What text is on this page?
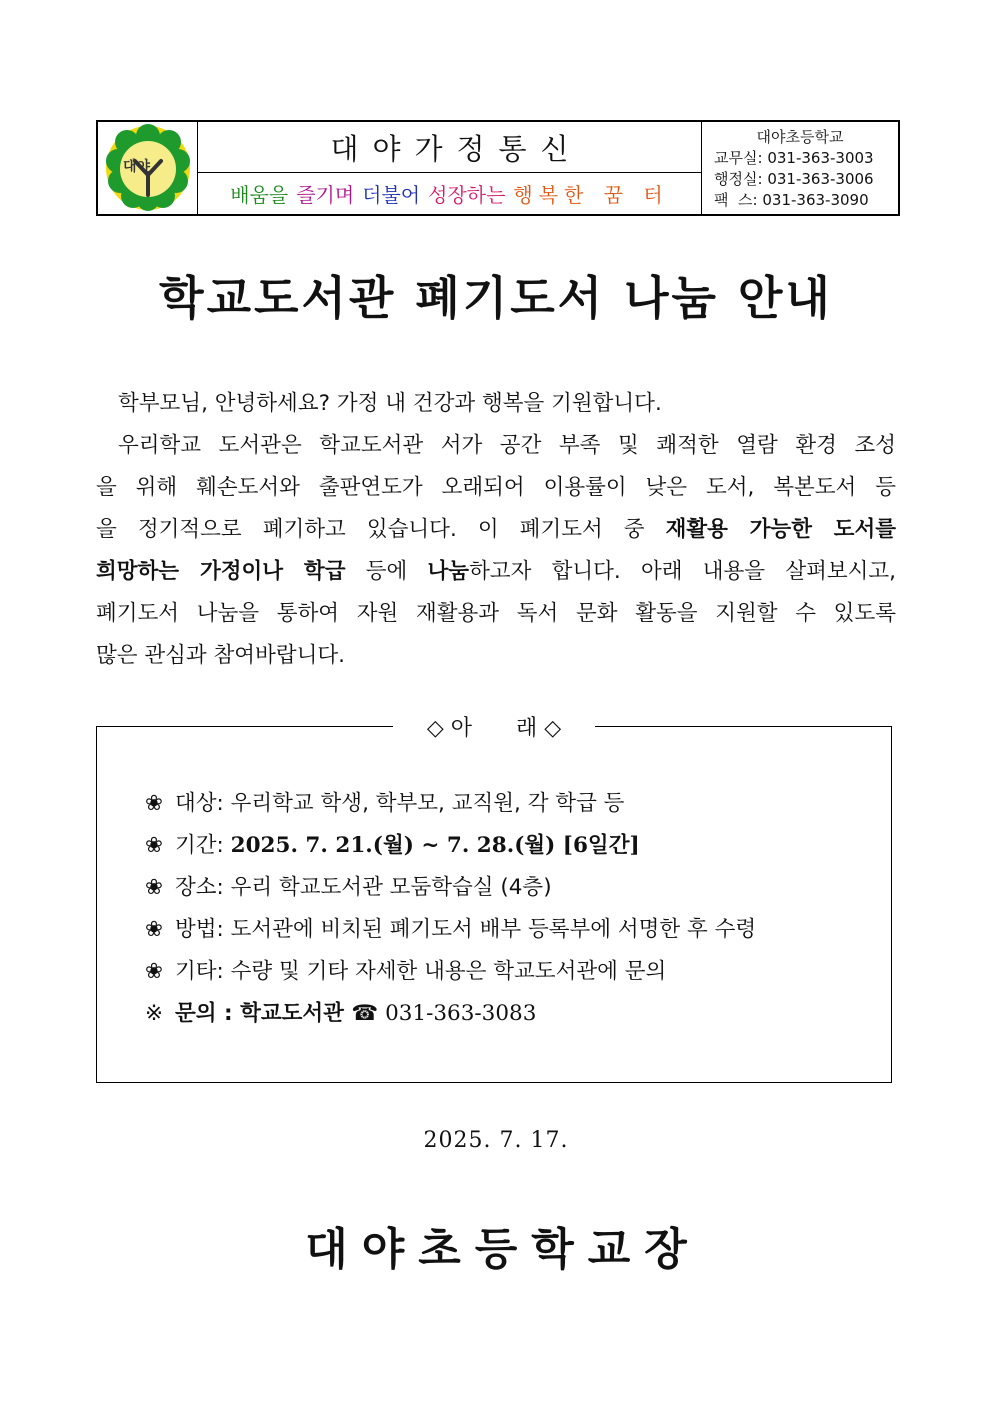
대야
대야가정통신
배움을 즐기며 더불어 성장하는 행복한 꿈 터
대야초등학교
교무실: 031-363-3003
행정실: 031-363-3006
팩  스: 031-363-3090
학교도서관 폐기도서 나눔 안내

학부모님, 안녕하세요? 가정 내 건강과 행복을 기원합니다.

우리학교 도서관은 학교도서관 서가 공간 부족 및 쾌적한 열람 환경 조성

을 위해 훼손도서와 출판연도가 오래되어 이용률이 낮은 도서, 복본도서 등

을 정기적으로 폐기하고 있습니다. 이 폐기도서 중 재활용 가능한 도서를

희망하는 가정이나 학급 등에 나눔하고자 합니다. 아래 내용을 살펴보시고,

폐기도서 나눔을 통하여 자원 재활용과 독서 문화 활동을 지원할 수 있도록

많은 관심과 참여바랍니다.

◇ 아　　래 ◇
❀ 대상: 우리학교 학생, 학부모, 교직원, 각 학급 등
❀ 기간: 2025. 7. 21.(월) ~ 7. 28.(월) [6일간]
❀ 장소: 우리 학교도서관 모둠학습실 (4층)
❀ 방법: 도서관에 비치된 폐기도서 배부 등록부에 서명한 후 수령
❀ 기타: 수량 및 기타 자세한 내용은 학교도서관에 문의
※ 문의 : 학교도서관 ☎ 031-363-3083
2025. 7. 17.
대야초등학교장
